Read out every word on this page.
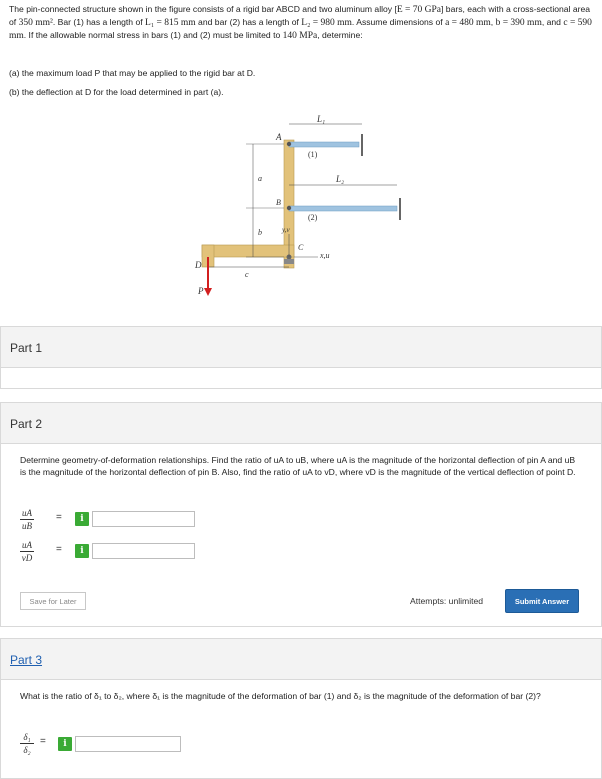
The pin-connected structure shown in the figure consists of a rigid bar ABCD and two aluminum alloy [E = 70 GPa] bars, each with a cross-sectional area of 350 mm². Bar (1) has a length of L₁ = 815 mm and bar (2) has a length of L₂ = 980 mm. Assume dimensions of a = 480 mm, b = 390 mm, and c = 590 mm. If the allowable normal stress in bars (1) and (2) must be limited to 140 MPa, determine:

(a) the maximum load P that may be applied to the rigid bar at D.
(b) the deflection at D for the load determined in part (a).
L₁
L₂
(1)
(2)
A
B
C
D
P
a
b
c
x,u
y,v
Part 1
Part 2
Determine geometry-of-deformation relationships. Find the ratio of uA to uB, where uA is the magnitude of the horizontal deflection of pin A and uB is the magnitude of the horizontal deflection of pin B. Also, find the ratio of uA to vD, where vD is the magnitude of the vertical deflection of point D.
uA
uB
=	i
uA
vD
=	i
Save for Later	Attempts: unlimited	Submit Answer
Part 3
What is the ratio of δ₁ to δ₂, where δ₁ is the magnitude of the deformation of bar (1) and δ₂ is the magnitude of the deformation of bar (2)?
δ₁
δ₂
=	i
